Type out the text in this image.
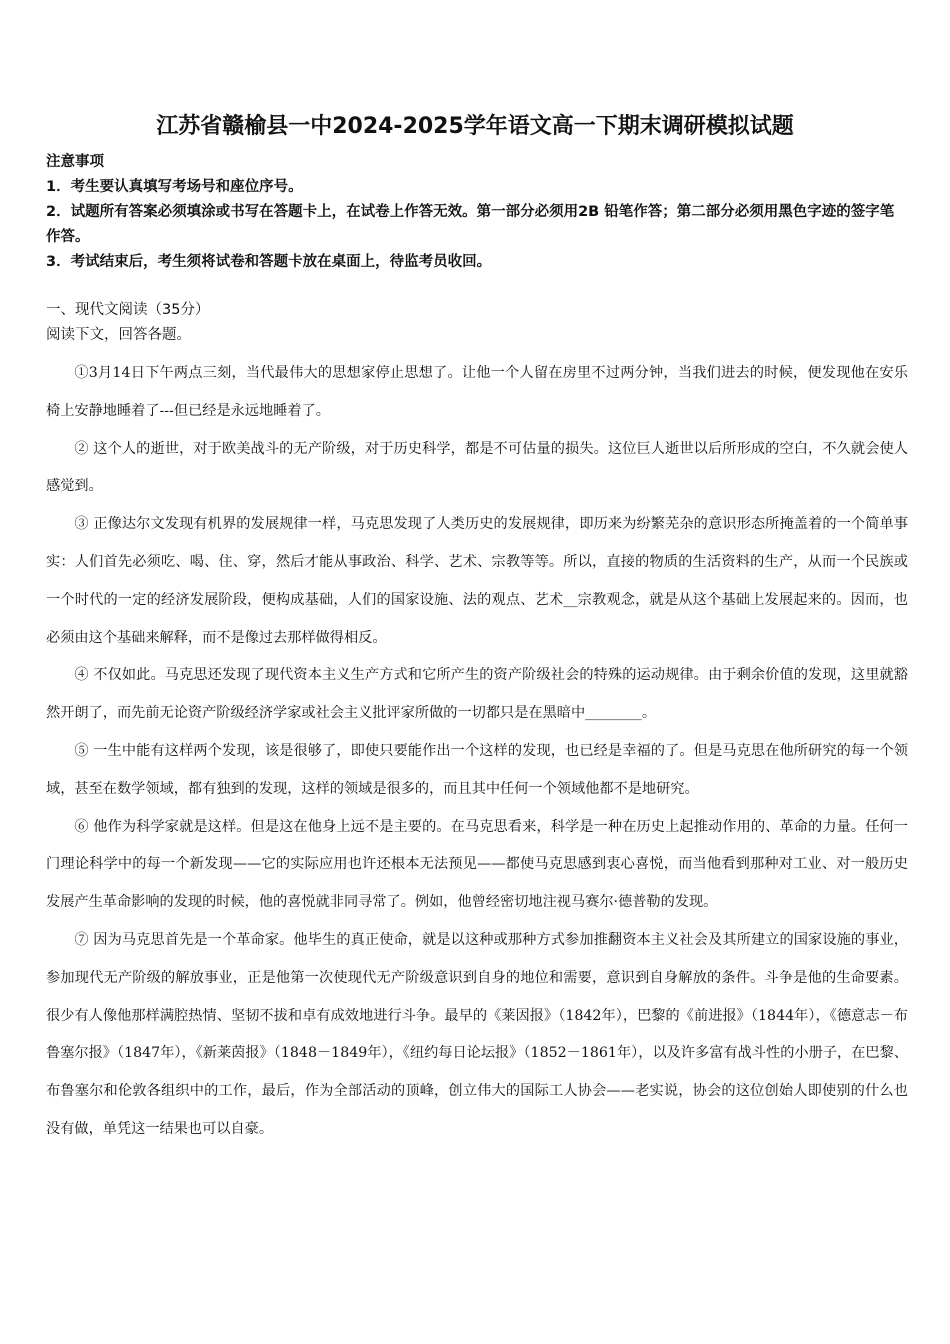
江苏省赣榆县一中2024-2025学年语文高一下期末调研模拟试题

注意事项

1．考生要认真填写考场号和座位序号。

2．试题所有答案必须填涂或书写在答题卡上，在试卷上作答无效。第一部分必须用2B 铅笔作答；第二部分必须用黑色字迹的签字笔作答。

3．考试结束后，考生须将试卷和答题卡放在桌面上，待监考员收回。

一、现代文阅读（35分）

阅读下文，回答各题。

①3月14日下午两点三刻，当代最伟大的思想家停止思想了。让他一个人留在房里不过两分钟，当我们进去的时候，便发现他在安乐椅上安静地睡着了---但已经是永远地睡着了。

② 这个人的逝世，对于欧美战斗的无产阶级，对于历史科学，都是不可估量的损失。这位巨人逝世以后所形成的空白，不久就会使人感觉到。

③ 正像达尔文发现有机界的发展规律一样，马克思发现了人类历史的发展规律，即历来为纷繁芜杂的意识形态所掩盖着的一个简单事实：人们首先必须吃、喝、住、穿，然后才能从事政治、科学、艺术、宗教等等。所以，直接的物质的生活资料的生产，从而一个民族或一个时代的一定的经济发展阶段，便构成基础，人们的国家设施、法的观点、艺术__宗教观念，就是从这个基础上发展起来的。因而，也必须由这个基础来解释，而不是像过去那样做得相反。

④ 不仅如此。马克思还发现了现代资本主义生产方式和它所产生的资产阶级社会的特殊的运动规律。由于剩余价值的发现，这里就豁然开朗了，而先前无论资产阶级经济学家或社会主义批评家所做的一切都只是在黑暗中________。

⑤ 一生中能有这样两个发现，该是很够了，即使只要能作出一个这样的发现，也已经是幸福的了。但是马克思在他所研究的每一个领域，甚至在数学领域，都有独到的发现，这样的领域是很多的，而且其中任何一个领域他都不是地研究。

⑥ 他作为科学家就是这样。但是这在他身上远不是主要的。在马克思看来，科学是一种在历史上起推动作用的、革命的力量。任何一门理论科学中的每一个新发现——它的实际应用也许还根本无法预见——都使马克思感到衷心喜悦，而当他看到那种对工业、对一般历史发展产生革命影响的发现的时候，他的喜悦就非同寻常了。例如，他曾经密切地注视马赛尔·德普勒的发现。

⑦ 因为马克思首先是一个革命家。他毕生的真正使命，就是以这种或那种方式参加推翻资本主义社会及其所建立的国家设施的事业，参加现代无产阶级的解放事业，正是他第一次使现代无产阶级意识到自身的地位和需要，意识到自身解放的条件。斗争是他的生命要素。很少有人像他那样满腔热情、坚韧不拔和卓有成效地进行斗争。最早的《莱因报》（1842年），巴黎的《前进报》（1844年），《德意志－布鲁塞尔报》（1847年），《新莱茵报》（1848－1849年），《纽约每日论坛报》（1852－1861年），以及许多富有战斗性的小册子，在巴黎、布鲁塞尔和伦敦各组织中的工作，最后，作为全部活动的顶峰，创立伟大的国际工人协会——老实说，协会的这位创始人即使别的什么也没有做，单凭这一结果也可以自豪。
